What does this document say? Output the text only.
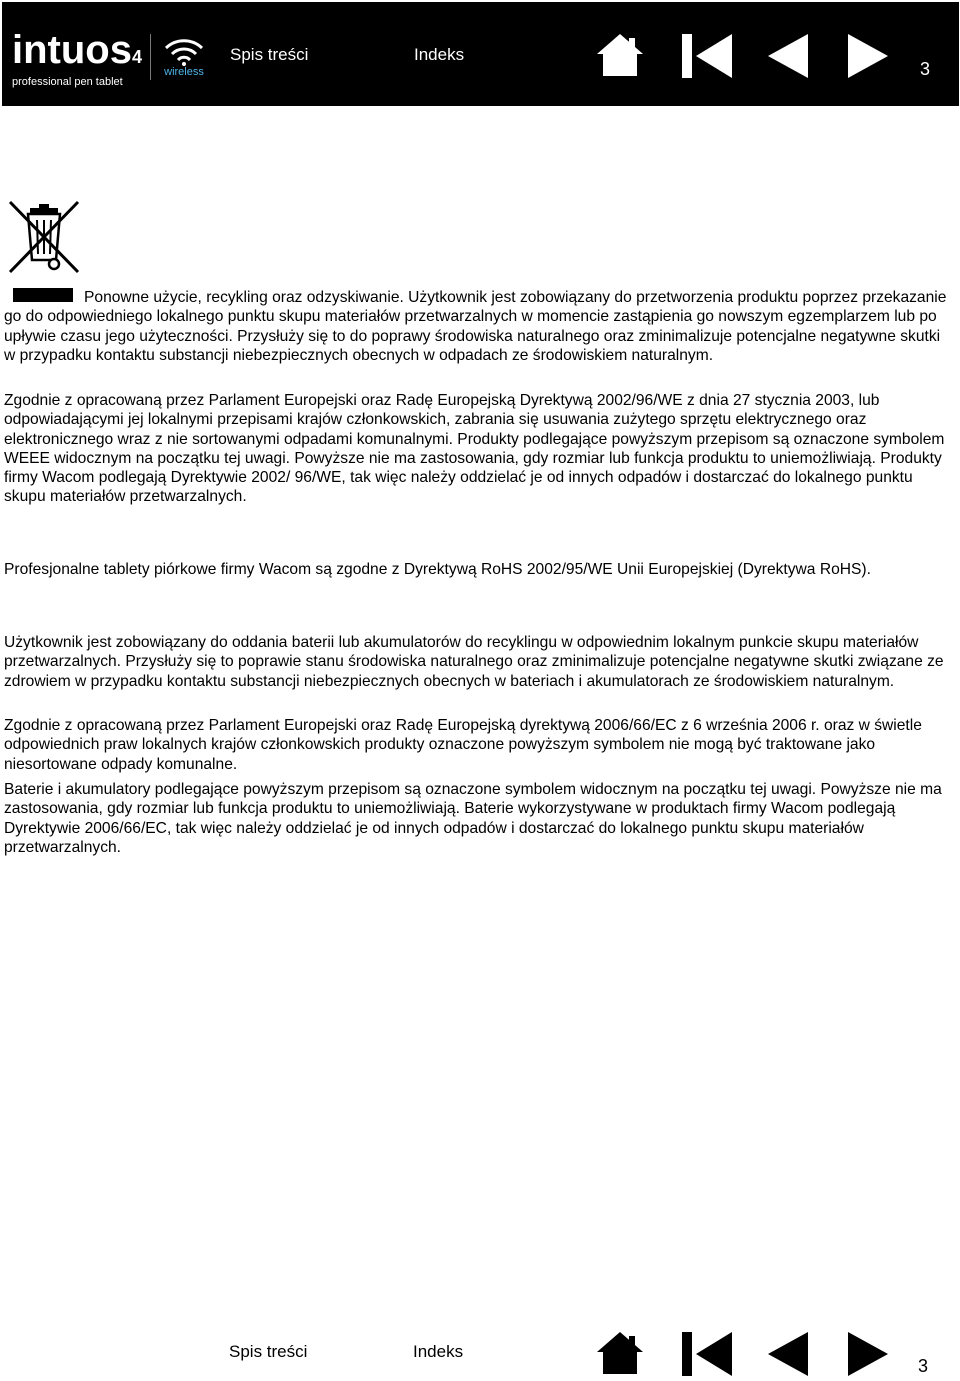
intuos4
professional pen tablet
wireless
Spis treści	Indeks
3

Ponowne użycie, recykling oraz odzyskiwanie. Użytkownik jest zobowiązany do przetworzenia produktu poprzez przekazanie go do odpowiedniego lokalnego punktu skupu materiałów przetwarzalnych w momencie zastąpienia go nowszym egzemplarzem lub po upływie czasu jego użyteczności. Przysłuży się to do poprawy środowiska naturalnego oraz zminimalizuje potencjalne negatywne skutki w przypadku kontaktu substancji niebezpiecznych obecnych w odpadach ze środowiskiem naturalnym.

Zgodnie z opracowaną przez Parlament Europejski oraz Radę Europejską Dyrektywą 2002/96/WE z dnia 27 stycznia 2003, lub odpowiadającymi jej lokalnymi przepisami krajów członkowskich, zabrania się usuwania zużytego sprzętu elektrycznego oraz elektronicznego wraz z nie sortowanymi odpadami komunalnymi. Produkty podlegające powyższym przepisom są oznaczone symbolem WEEE widocznym na początku tej uwagi. Powyższe nie ma zastosowania, gdy rozmiar lub funkcja produktu to uniemożliwiają. Produkty firmy Wacom podlegają Dyrektywie 2002/ 96/WE, tak więc należy oddzielać je od innych odpadów i dostarczać do lokalnego punktu skupu materiałów przetwarzalnych.

Profesjonalne tablety piórkowe firmy Wacom są zgodne z Dyrektywą RoHS 2002/95/WE Unii Europejskiej (Dyrektywa RoHS).

Użytkownik jest zobowiązany do oddania baterii lub akumulatorów do recyklingu w odpowiednim lokalnym punkcie skupu materiałów przetwarzalnych. Przysłuży się to poprawie stanu środowiska naturalnego oraz zminimalizuje potencjalne negatywne skutki związane ze zdrowiem w przypadku kontaktu substancji niebezpiecznych obecnych w bateriach i akumulatorach ze środowiskiem naturalnym.

Zgodnie z opracowaną przez Parlament Europejski oraz Radę Europejską dyrektywą 2006/66/EC z 6 września 2006 r. oraz w świetle odpowiednich praw lokalnych krajów członkowskich produkty oznaczone powyższym symbolem nie mogą być traktowane jako niesortowane odpady komunalne.

Baterie i akumulatory podlegające powyższym przepisom są oznaczone symbolem widocznym na początku tej uwagi. Powyższe nie ma zastosowania, gdy rozmiar lub funkcja produktu to uniemożliwiają. Baterie wykorzystywane w produktach firmy Wacom podlegają Dyrektywie 2006/66/EC, tak więc należy oddzielać je od innych odpadów i dostarczać do lokalnego punktu skupu materiałów przetwarzalnych.

Spis treści	Indeks
3
